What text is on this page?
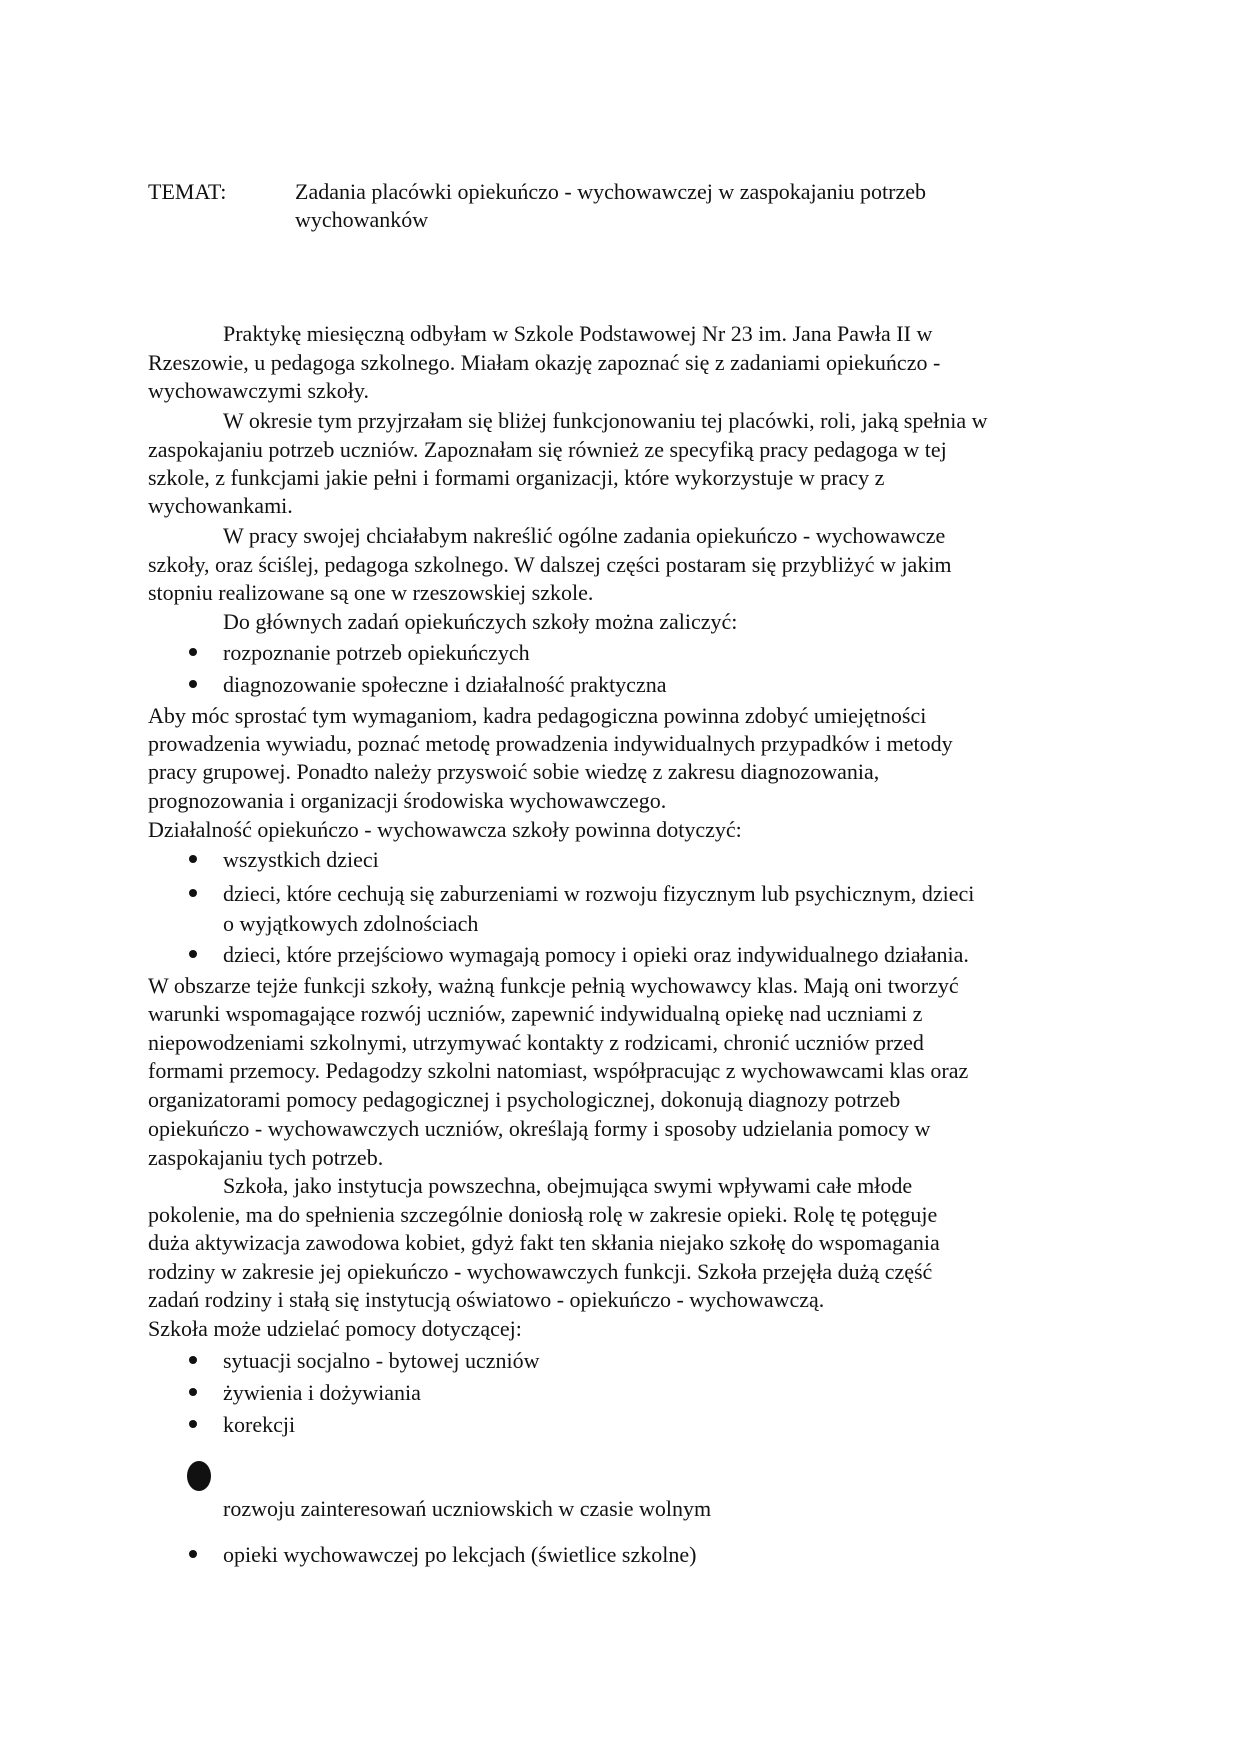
TEMAT:	Zadania placówki opiekuńczo - wychowawczej w zaspokajaniu potrzeb
wychowanków
Praktykę miesięczną odbyłam w Szkole Podstawowej Nr 23 im. Jana Pawła II w
Rzeszowie, u pedagoga szkolnego. Miałam okazję zapoznać się z zadaniami opiekuńczo -
wychowawczymi szkoły.
W okresie tym przyjrzałam się bliżej funkcjonowaniu tej placówki, roli, jaką spełnia w
zaspokajaniu potrzeb uczniów. Zapoznałam się również ze specyfiką pracy pedagoga w tej
szkole, z funkcjami jakie pełni i formami organizacji, które wykorzystuje w pracy z
wychowankami.
W pracy swojej chciałabym nakreślić ogólne zadania opiekuńczo - wychowawcze
szkoły, oraz ściślej, pedagoga szkolnego. W dalszej części postaram się przybliżyć w jakim
stopniu realizowane są one w rzeszowskiej szkole.
Do głównych zadań opiekuńczych szkoły można zaliczyć:
rozpoznanie potrzeb opiekuńczych
diagnozowanie społeczne i działalność praktyczna
Aby móc sprostać tym wymaganiom, kadra pedagogiczna powinna zdobyć umiejętności
prowadzenia wywiadu, poznać metodę prowadzenia indywidualnych przypadków i metody
pracy grupowej. Ponadto należy przyswoić sobie wiedzę z zakresu diagnozowania,
prognozowania i organizacji środowiska wychowawczego.
Działalność opiekuńczo - wychowawcza szkoły powinna dotyczyć:
wszystkich dzieci
dzieci, które cechują się zaburzeniami w rozwoju fizycznym lub psychicznym, dzieci
o wyjątkowych zdolnościach
dzieci, które przejściowo wymagają pomocy i opieki oraz indywidualnego działania.
W obszarze tejże funkcji szkoły, ważną funkcje pełnią wychowawcy klas. Mają oni tworzyć
warunki wspomagające rozwój uczniów, zapewnić indywidualną opiekę nad uczniami z
niepowodzeniami szkolnymi, utrzymywać kontakty z rodzicami, chronić uczniów przed
formami przemocy. Pedagodzy szkolni natomiast, współpracując z wychowawcami klas oraz
organizatorami pomocy pedagogicznej i psychologicznej, dokonują diagnozy potrzeb
opiekuńczo - wychowawczych uczniów, określają formy i sposoby udzielania pomocy w
zaspokajaniu tych potrzeb.
Szkoła, jako instytucja powszechna, obejmująca swymi wpływami całe młode
pokolenie, ma do spełnienia szczególnie doniosłą rolę w zakresie opieki. Rolę tę potęguje
duża aktywizacja zawodowa kobiet, gdyż fakt ten skłania niejako szkołę do wspomagania
rodziny w zakresie jej opiekuńczo - wychowawczych funkcji. Szkoła przejęła dużą część
zadań rodziny i stałą się instytucją oświatowo - opiekuńczo - wychowawczą.
Szkoła może udzielać pomocy dotyczącej:
sytuacji socjalno - bytowej uczniów
żywienia i dożywiania
korekcji
rozwoju zainteresowań uczniowskich w czasie wolnym
opieki wychowawczej po lekcjach (świetlice szkolne)
